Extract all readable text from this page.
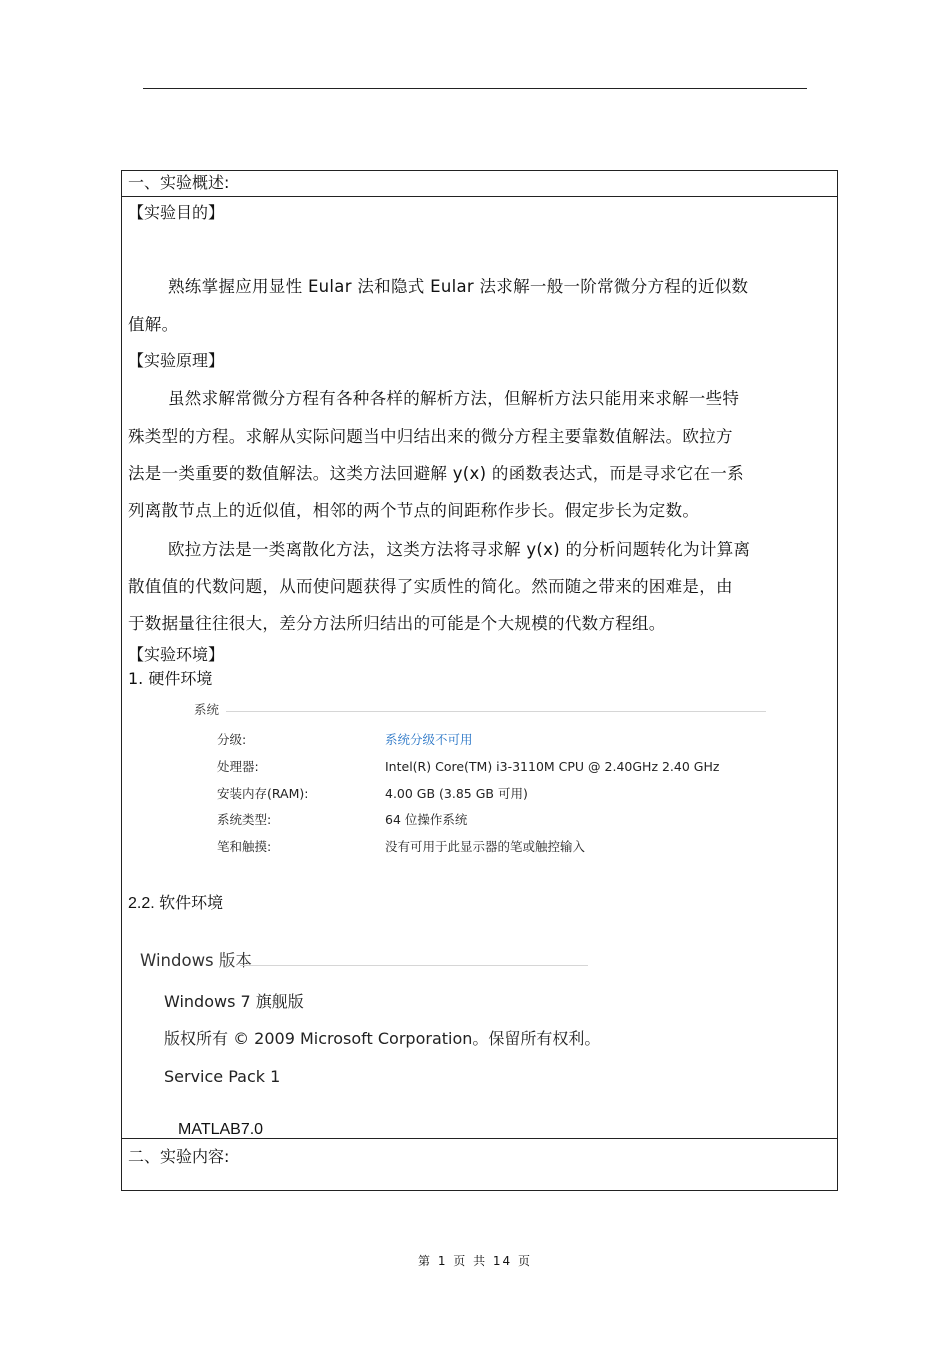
一、实验概述:
【实验目的】
熟练掌握应用显性 Eular 法和隐式 Eular 法求解一般一阶常微分方程的近似数
值解。
【实验原理】
虽然求解常微分方程有各种各样的解析方法，但解析方法只能用来求解一些特
殊类型的方程。求解从实际问题当中归结出来的微分方程主要靠数值解法。欧拉方
法是一类重要的数值解法。这类方法回避解 y(x) 的函数表达式，而是寻求它在一系
列离散节点上的近似值，相邻的两个节点的间距称作步长。假定步长为定数。
欧拉方法是一类离散化方法，这类方法将寻求解 y(x) 的分析问题转化为计算离
散值值的代数问题，从而使问题获得了实质性的简化。然而随之带来的困难是，由
于数据量往往很大，差分方法所归结出的可能是个大规模的代数方程组。
【实验环境】
1. 硬件环境
系统
分级:	系统分级不可用
处理器:	Intel(R) Core(TM) i3-3110M CPU @ 2.40GHz 2.40 GHz
安装内存(RAM):	4.00 GB (3.85 GB 可用)
系统类型:	64 位操作系统
笔和触摸:	没有可用于此显示器的笔或触控输入
2.2. 软件环境
Windows 版本
Windows 7 旗舰版
版权所有 © 2009 Microsoft Corporation。保留所有权利。
Service Pack 1
MATLAB7.0
二、实验内容:
第 1 页 共 14 页
